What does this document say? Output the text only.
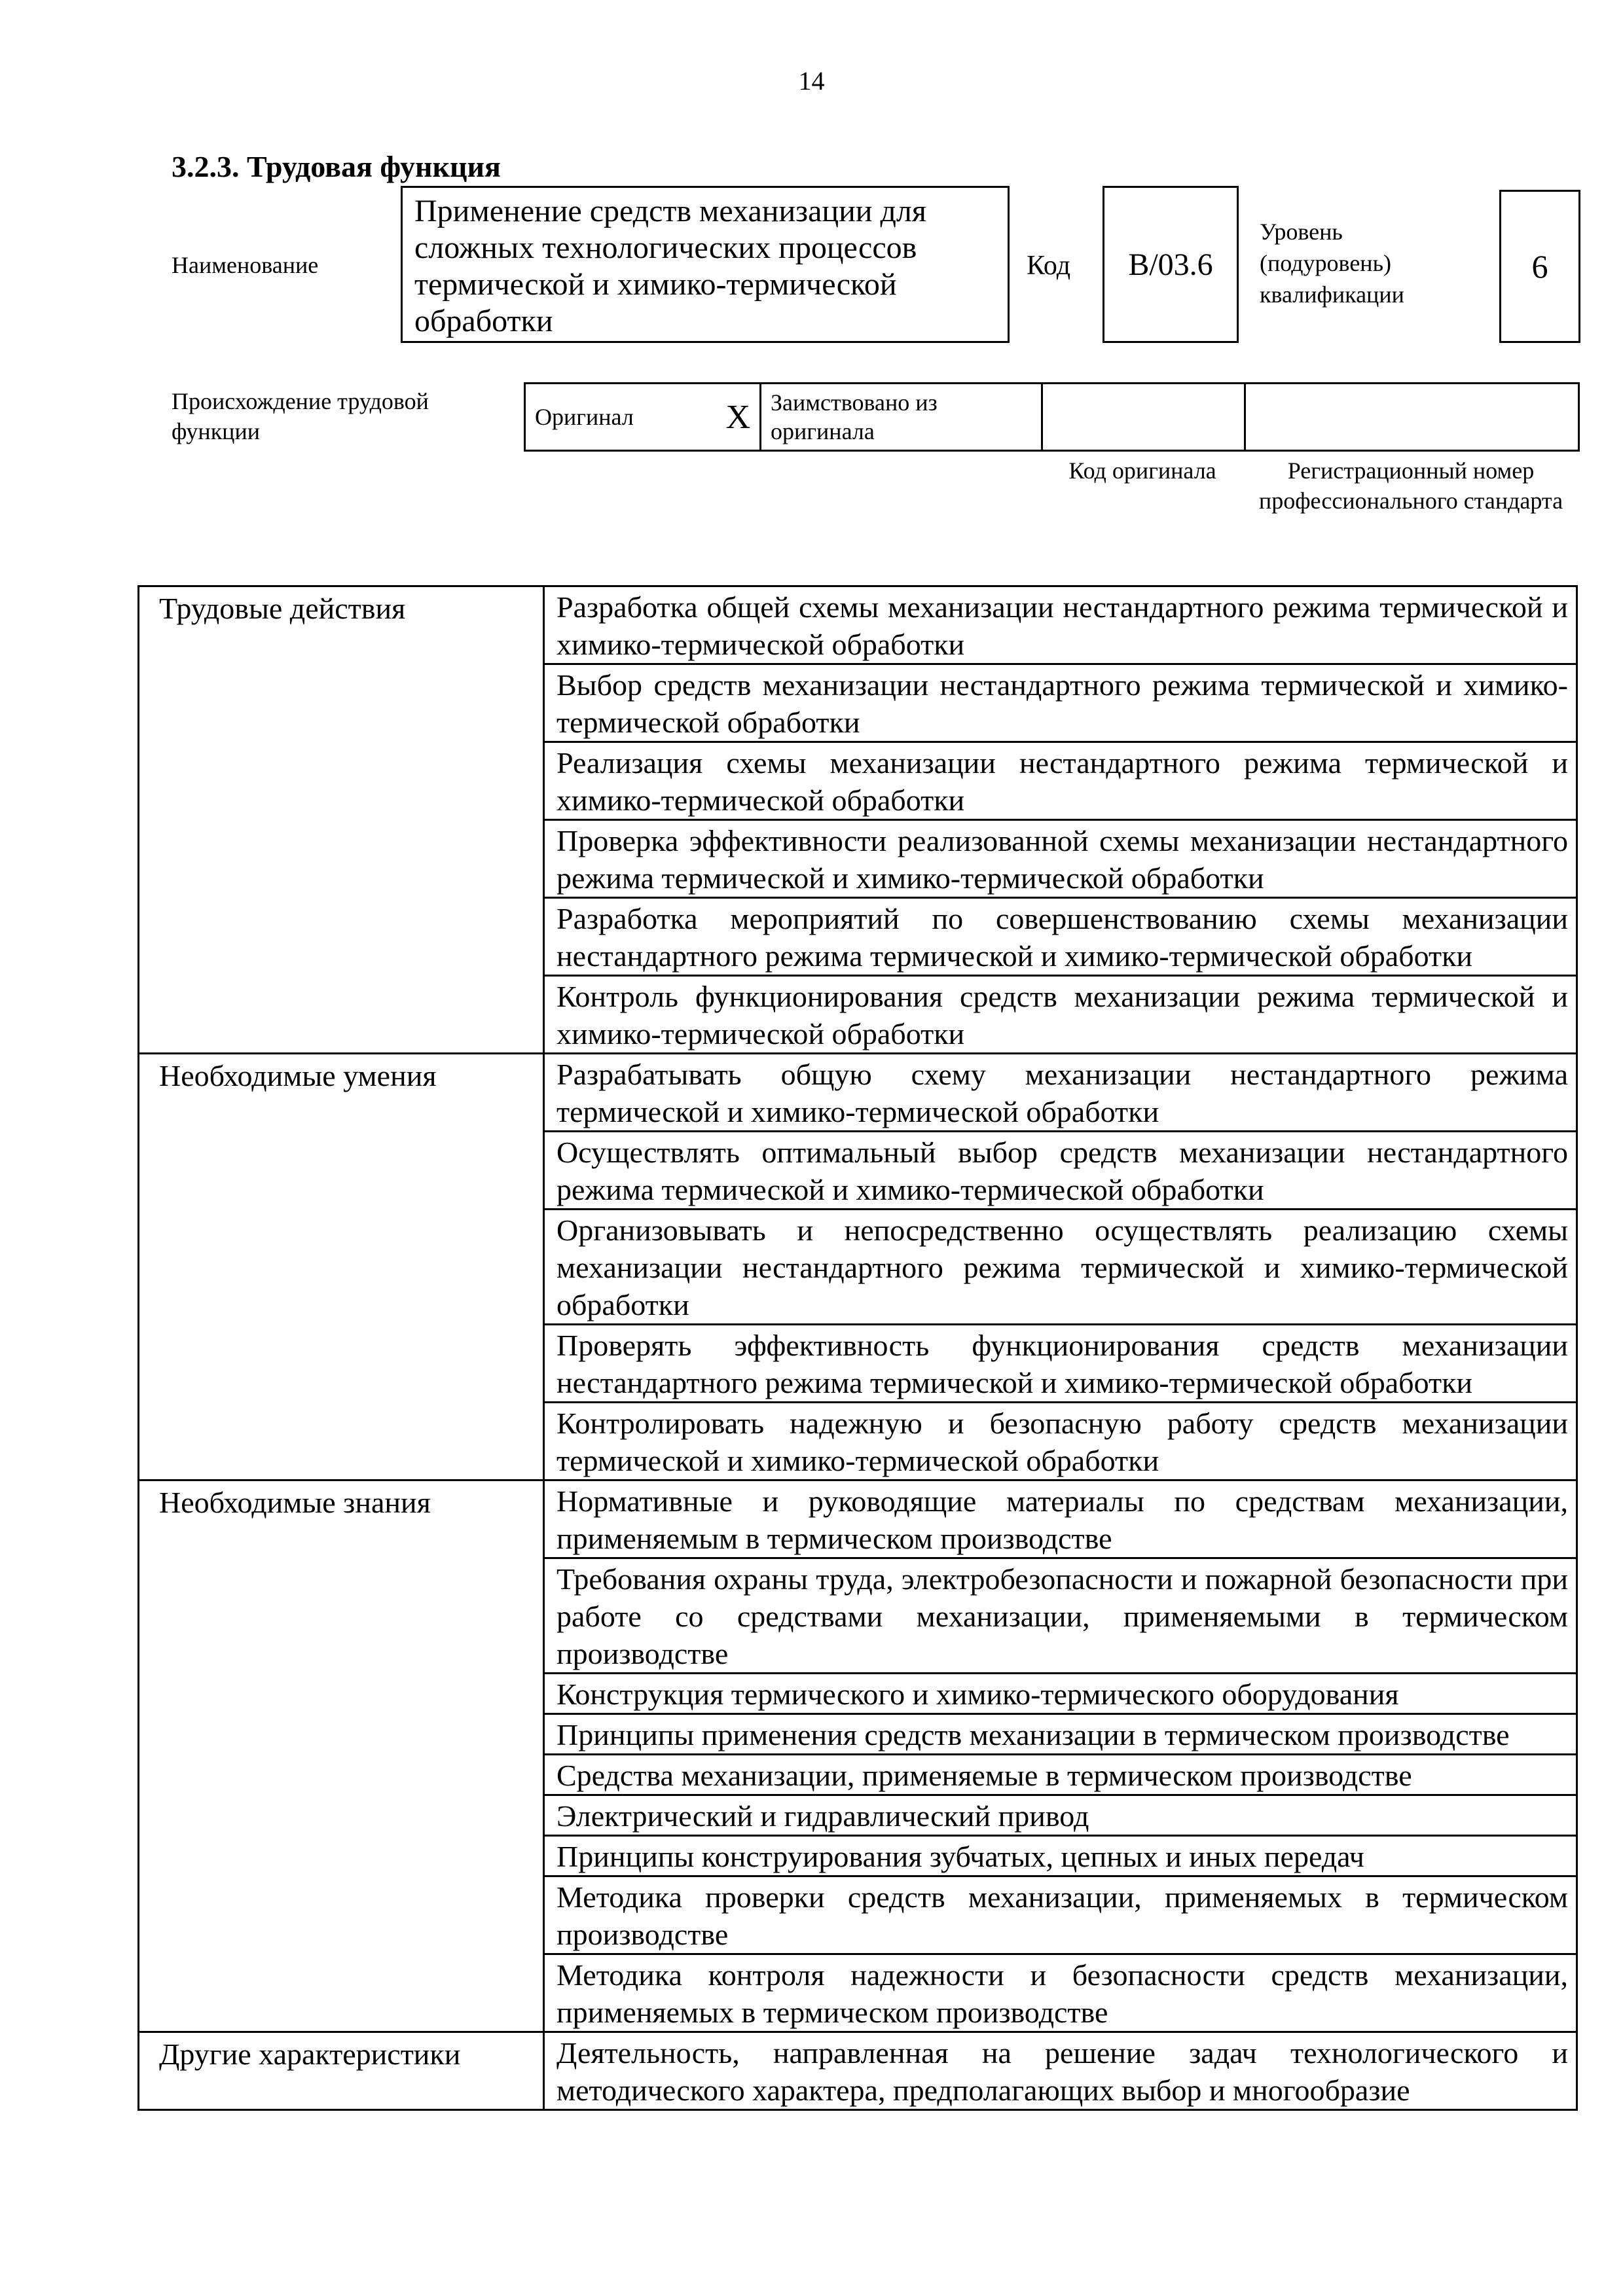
14
3.2.3. Трудовая функция
Наименование
Применение средств механизации для сложных технологических процессов термической и химико-термической обработки
Код	B/03.6
Уровень (подуровень) квалификации
6
Происхождение трудовой функции
Оригинал	X	Заимствовано из оригинала		
Код оригинала	Регистрационный номер профессионального стандарта
Трудовые действия	Разработка общей схемы механизации нестандартного режима термической и химико-термической обработки
	Выбор средств механизации нестандартного режима термической и химико-термической обработки
	Реализация схемы механизации нестандартного режима термической и химико-термической обработки
	Проверка эффективности реализованной схемы механизации нестандартного режима термической и химико-термической обработки
	Разработка мероприятий по совершенствованию схемы механизации нестандартного режима термической и химико-термической обработки
	Контроль функционирования средств механизации режима термической и химико-термической обработки
Необходимые умения	Разрабатывать общую схему механизации нестандартного режима термической и химико-термической обработки
	Осуществлять оптимальный выбор средств механизации нестандартного режима термической и химико-термической обработки
	Организовывать и непосредственно осуществлять реализацию схемы механизации нестандартного режима термической и химико-термической обработки
	Проверять эффективность функционирования средств механизации нестандартного режима термической и химико-термической обработки
	Контролировать надежную и безопасную работу средств механизации термической и химико-термической обработки
Необходимые знания	Нормативные и руководящие материалы по средствам механизации, применяемым в термическом производстве
	Требования охраны труда, электробезопасности и пожарной безопасности при работе со средствами механизации, применяемыми в термическом производстве
	Конструкция термического и химико-термического оборудования
	Принципы применения средств механизации в термическом производстве
	Средства механизации, применяемые в термическом производстве
	Электрический и гидравлический привод
	Принципы конструирования зубчатых, цепных и иных передач
	Методика проверки средств механизации, применяемых в термическом производстве
	Методика контроля надежности и безопасности средств механизации, применяемых в термическом производстве
Другие характеристики	Деятельность, направленная на решение задач технологического и методического характера, предполагающих выбор и многообразие
